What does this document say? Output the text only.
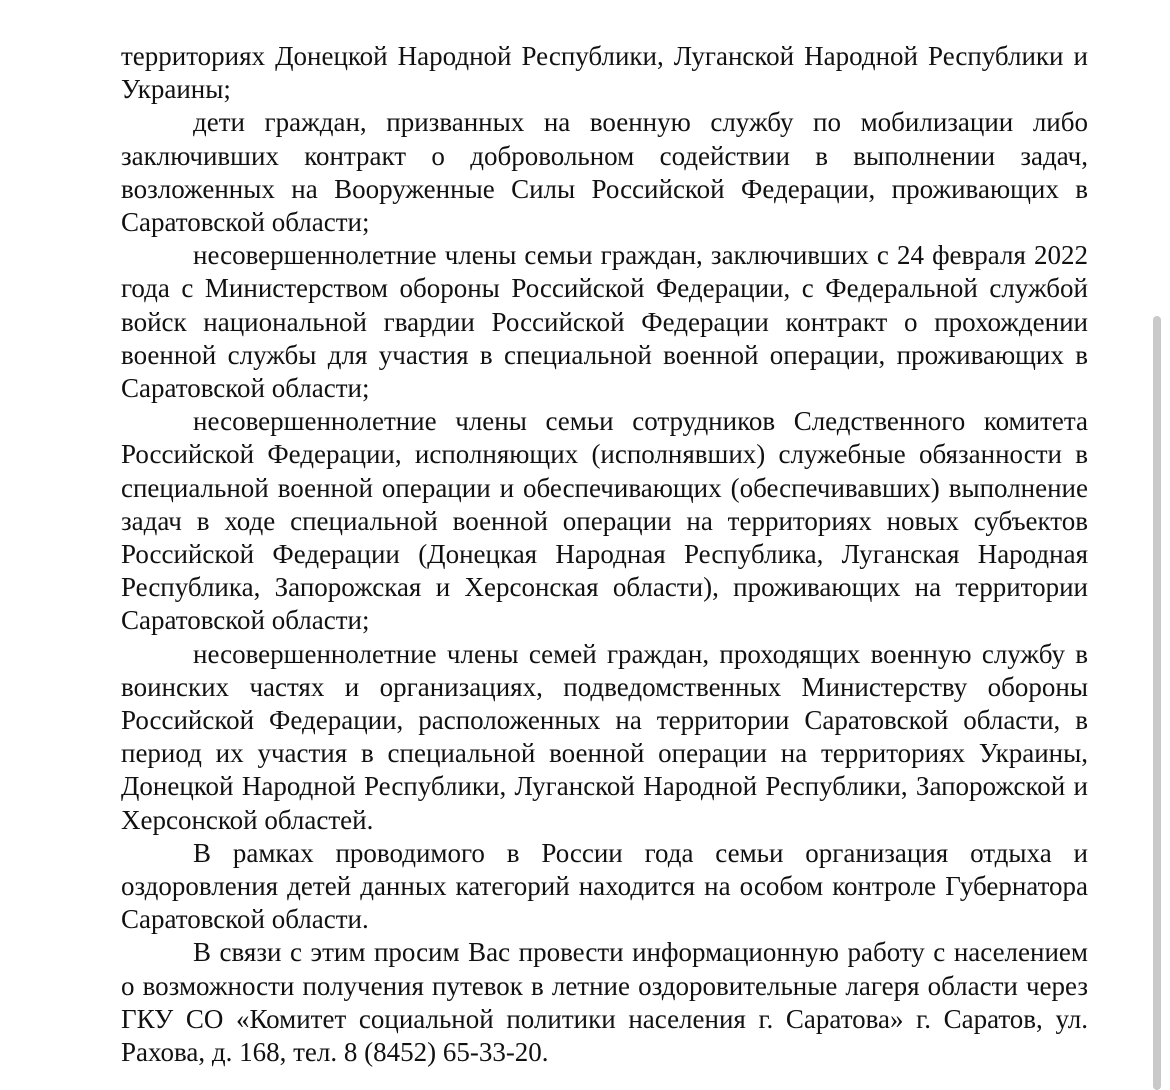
территориях Донецкой Народной Республики, Луганской Народной Республики и Украины;

дети граждан, призванных на военную службу по мобилизации либо заключивших контракт о добровольном содействии в выполнении задач, возложенных на Вооруженные Силы Российской Федерации, проживающих в Саратовской области;

несовершеннолетние члены семьи граждан, заключивших с 24 февраля 2022 года с Министерством обороны Российской Федерации, с Федеральной службой войск национальной гвардии Российской Федерации контракт о прохождении военной службы для участия в специальной военной операции, проживающих в Саратовской области;

несовершеннолетние члены семьи сотрудников Следственного комитета Российской Федерации, исполняющих (исполнявших) служебные обязанности в специальной военной операции и обеспечивающих (обеспечивавших) выполнение задач в ходе специальной военной операции на территориях новых субъектов Российской Федерации (Донецкая Народная Республика, Луганская Народная Республика, Запорожская и Херсонская области), проживающих на территории Саратовской области;

несовершеннолетние члены семей граждан, проходящих военную службу в воинских частях и организациях, подведомственных Министерству обороны Российской Федерации, расположенных на территории Саратовской области, в период их участия в специальной военной операции на территориях Украины, Донецкой Народной Республики, Луганской Народной Республики, Запорожской и Херсонской областей.

В рамках проводимого в России года семьи организация отдыха и оздоровления детей данных категорий находится на особом контроле Губернатора Саратовской области.

В связи с этим просим Вас провести информационную работу с населением о возможности получения путевок в летние оздоровительные лагеря области через ГКУ СО «Комитет социальной политики населения г. Саратова» г. Саратов, ул. Рахова, д. 168, тел. 8 (8452) 65-33-20.
